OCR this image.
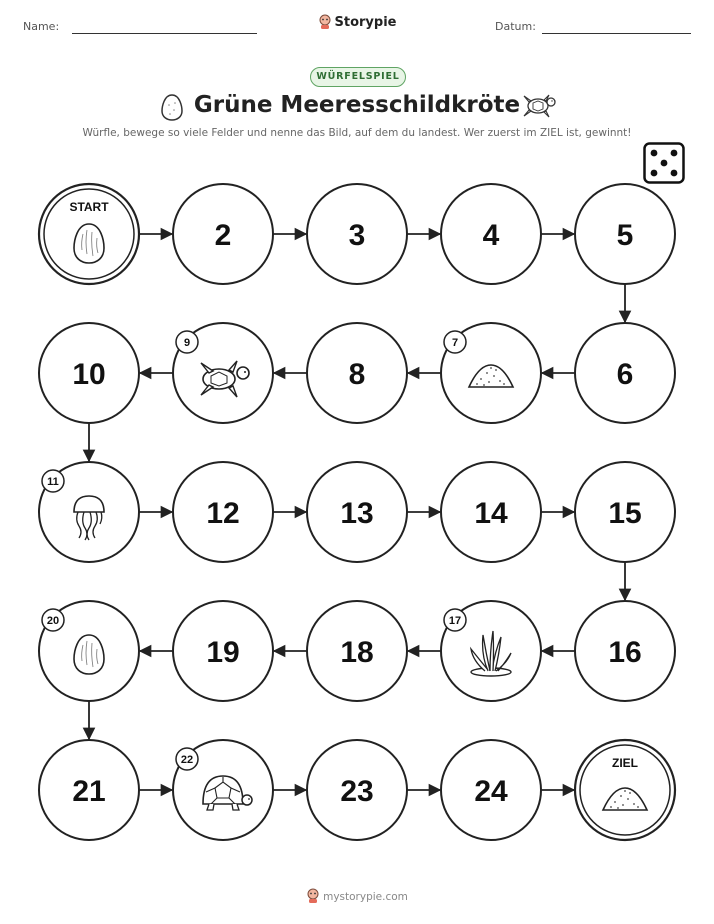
Name:	Storypie	Datum:
WÜRFELSPIEL
Grüne Meeresschildkröte
Würfle, bewege so viele Felder und nenne das Bild, auf dem du landest. Wer zuerst im ZIEL ist, gewinnt!
START
2	3	4	5
6
7
8
9
10
11
12	13	14	15
16
17
18
19
20
21
22
23	24
ZIEL
mystorypie.com
